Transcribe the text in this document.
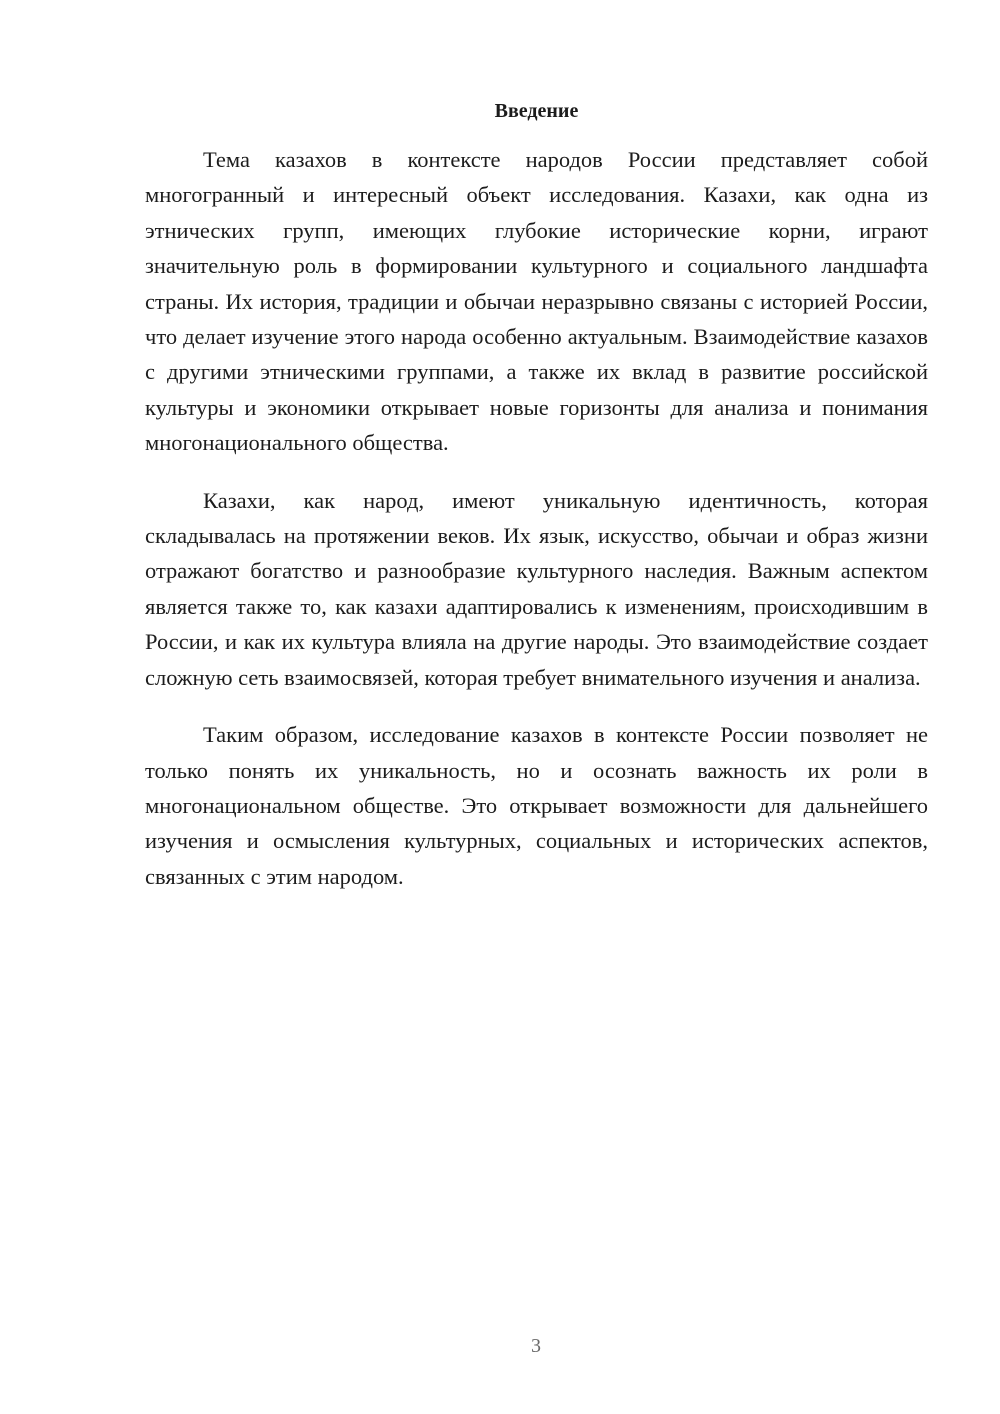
Введение

Тема казахов в контексте народов России представляет собой многогранный и интересный объект исследования. Казахи, как одна из этнических групп, имеющих глубокие исторические корни, играют значительную роль в формировании культурного и социального ландшафта страны. Их история, традиции и обычаи неразрывно связаны с историей России, что делает изучение этого народа особенно актуальным. Взаимодействие казахов с другими этническими группами, а также их вклад в развитие российской культуры и экономики открывает новые горизонты для анализа и понимания многонационального общества.

Казахи, как народ, имеют уникальную идентичность, которая складывалась на протяжении веков. Их язык, искусство, обычаи и образ жизни отражают богатство и разнообразие культурного наследия. Важным аспектом является также то, как казахи адаптировались к изменениям, происходившим в России, и как их культура влияла на другие народы. Это взаимодействие создает сложную сеть взаимосвязей, которая требует внимательного изучения и анализа.

Таким образом, исследование казахов в контексте России позволяет не только понять их уникальность, но и осознать важность их роли в многонациональном обществе. Это открывает возможности для дальнейшего изучения и осмысления культурных, социальных и исторических аспектов, связанных с этим народом.

3
